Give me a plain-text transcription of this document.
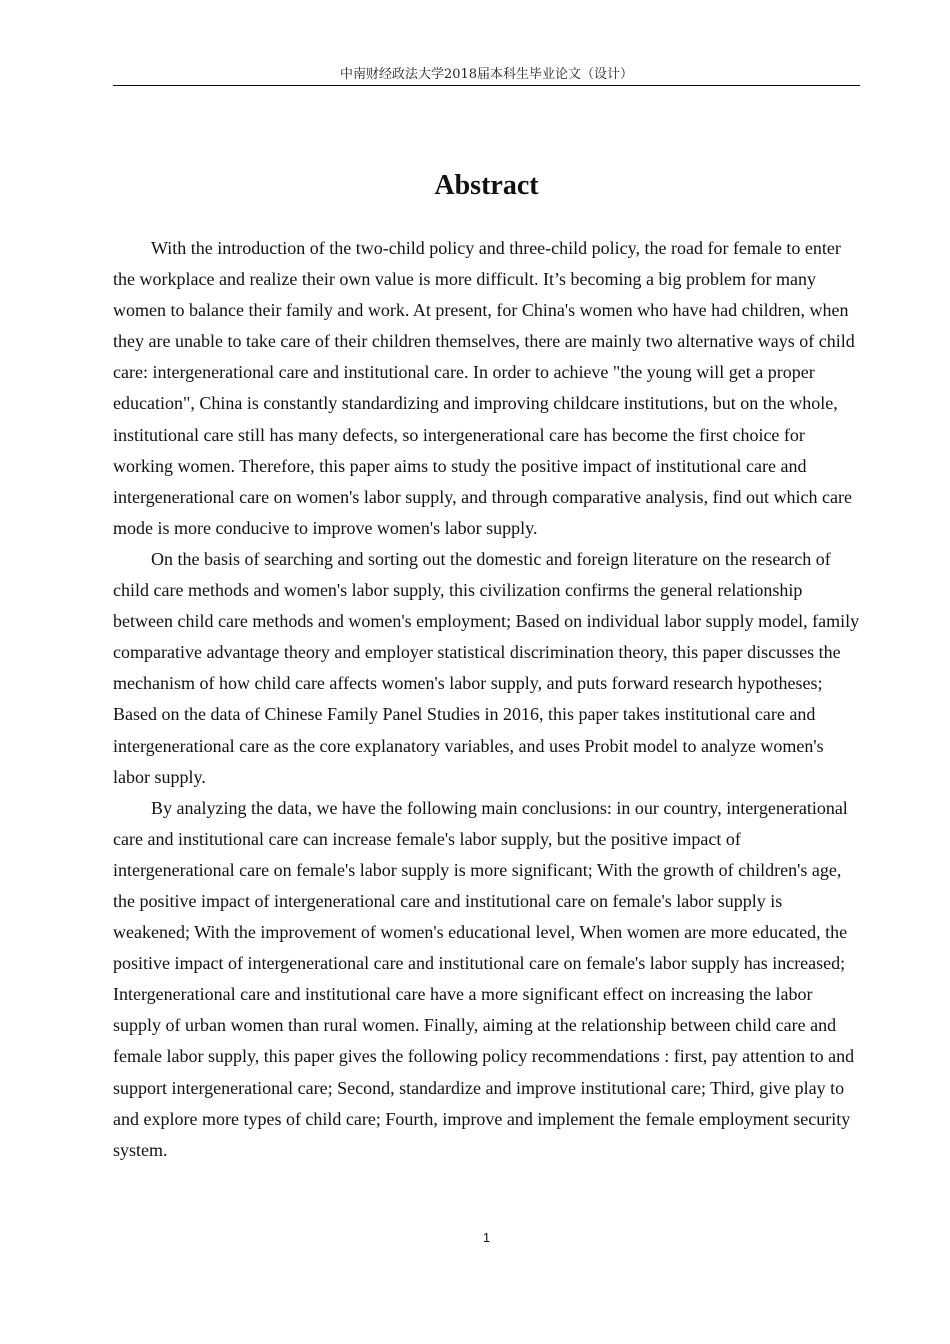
中南财经政法大学2018届本科生毕业论文（设计）
Abstract

With the introduction of the two-child policy and three-child policy, the road for female to enter the workplace and realize their own value is more difficult. It’s becoming a big problem for many women to balance their family and work. At present, for China's women who have had children, when they are unable to take care of their children themselves, there are mainly two alternative ways of child care: intergenerational care and institutional care. In order to achieve "the young will get a proper education", China is constantly standardizing and improving childcare institutions, but on the whole, institutional care still has many defects, so intergenerational care has become the first choice for working women. Therefore, this paper aims to study the positive impact of institutional care and intergenerational care on women's labor supply, and through comparative analysis, find out which care mode is more conducive to improve women's labor supply.

On the basis of searching and sorting out the domestic and foreign literature on the research of child care methods and women's labor supply, this civilization confirms the general relationship between child care methods and women's employment; Based on individual labor supply model, family comparative advantage theory and employer statistical discrimination theory, this paper discusses the mechanism of how child care affects women's labor supply, and puts forward research hypotheses; Based on the data of Chinese Family Panel Studies in 2016, this paper takes institutional care and intergenerational care as the core explanatory variables, and uses Probit model to analyze women's labor supply.

By analyzing the data, we have the following main conclusions: in our country, intergenerational care and institutional care can increase female's labor supply, but the positive impact of intergenerational care on female's labor supply is more significant; With the growth of children's age, the positive impact of intergenerational care and institutional care on female's labor supply is weakened; With the improvement of women's educational level, When women are more educated, the positive impact of intergenerational care and institutional care on female's labor supply has increased; Intergenerational care and institutional care have a more significant effect on increasing the labor supply of urban women than rural women. Finally, aiming at the relationship between child care and female labor supply, this paper gives the following policy recommendations : first, pay attention to and support intergenerational care; Second, standardize and improve institutional care; Third, give play to and explore more types of child care; Fourth, improve and implement the female employment security system.

1
